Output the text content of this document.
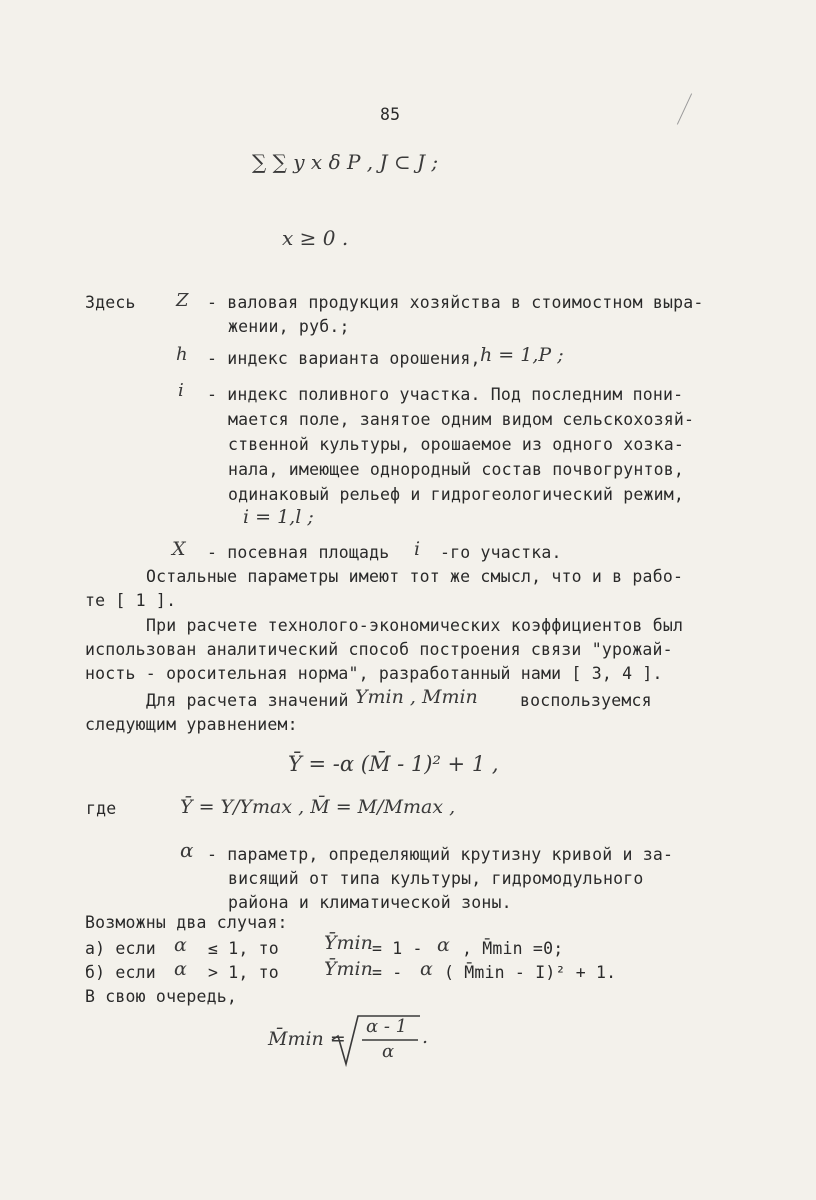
85
∑ ∑ y x δ P , J ⊂ J ;
x ≥ 0 .
Здесь Z - валовая продукция хозяйства в стоимостном выра-
жении, руб.;
h - индекс варианта орошения, h = 1,P ;
i - индекс поливного участка. Под последним пони-
мается поле, занятое одним видом сельскохозяй-
ственной культуры, орошаемое из одного хозка-
нала, имеющее однородный состав почвогрунтов,
одинаковый рельеф и гидрогеологический режим,
i = 1,l ;
X - посевная площадь i -го участка.
Остальные параметры имеют тот же смысл, что и в рабо-
те [ 1 ].
При расчете технолого-экономических коэффициентов был
использован аналитический способ построения связи "урожай-
ность - оросительная норма", разработанный нами [ 3, 4 ].
Для расчета значений Ymin , Mmin	воспользуемся
следующим уравнением:
Ȳ = -α (M̄ - 1)² + 1 ,
где	Ȳ = Y/Ymax , M̄ = M/Mmax ,
α - параметр, определяющий крутизну кривой и за-
висящий от типа культуры, гидромодульного
района и климатической зоны.
Возможны два случая:
а) если α ≤ 1, то Ȳmin = 1 - α , M̄min =0;
б) если α > 1, то Ȳmin = - α ( M̄min - I)² + 1.
В свою очередь,
M̄min =
α - 1
α
.
